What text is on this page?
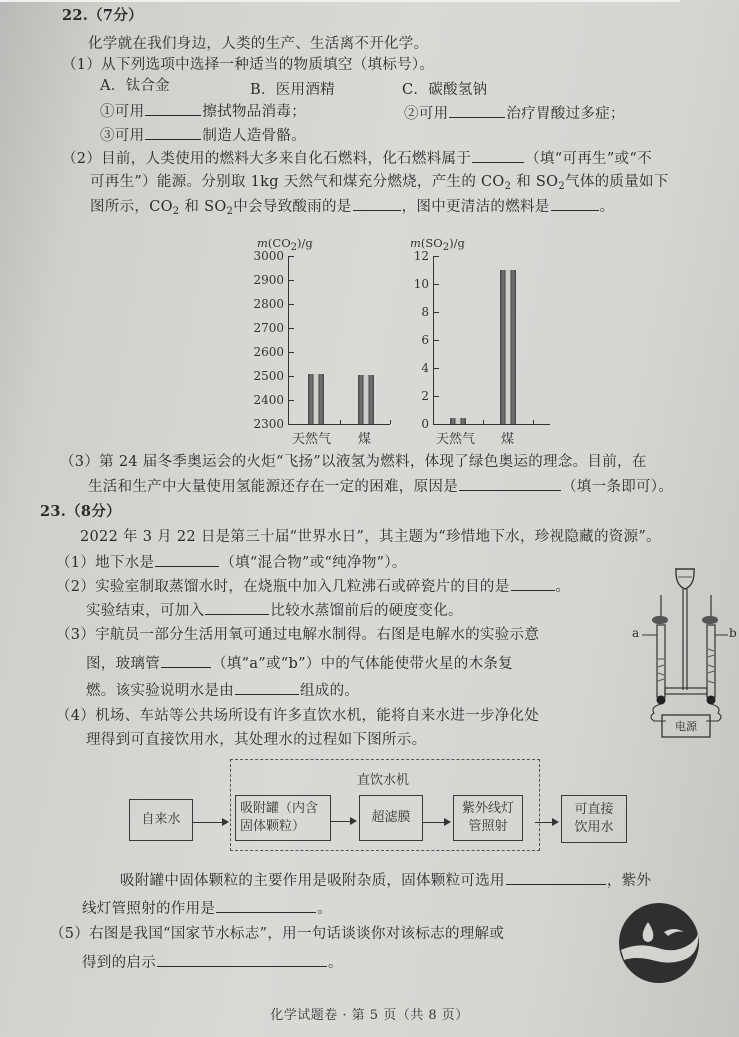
22.（7分）
化学就在我们身边，人类的生产、生活离不开化学。
（1）从下列选项中选择一种适当的物质填空（填标号）。
A．钛合金	B．医用酒精	C．碳酸氢钠
①可用	擦拭物品消毒；	②可用	治疗胃酸过多症；
③可用	制造人造骨骼。
（2）目前，人类使用的燃料大多来自化石燃料，化石燃料属于	（填“可再生”或“不
可再生”）能源。分别取 1kg 天然气和煤充分燃烧，产生的 $CO_2$ 和 $SO_2$气体的质量如下
图所示，$CO_2$ 和 $SO_2$中会导致酸雨的是	，图中更清洁的燃料是	。
$m(CO_2)/g$
3000
2900
2800
2700
2600
2500
2400
2300
天然气 煤
$m(SO_2)/g$
12
10
8
6
4
2
0
天然气 煤
（3）第 24 届冬季奥运会的火炬“飞扬”以液氢为燃料，体现了绿色奥运的理念。目前，在
生活和生产中大量使用氢能源还存在一定的困难，原因是	（填一条即可）。
23.（8分）
2022 年 3 月 22 日是第三十届“世界水日”，其主题为“珍惜地下水，珍视隐藏的资源”。
（1）地下水是	（填“混合物”或“纯净物”）。
（2）实验室制取蒸馏水时，在烧瓶中加入几粒沸石或碎瓷片的目的是	。
实验结束，可加入	比较水蒸馏前后的硬度变化。
（3）宇航员一部分生活用氧可通过电解水制得。右图是电解水的实验示意
图，玻璃管	（填“a”或“b”）中的气体能使带火星的木条复
燃。该实验说明水是由	组成的。
（4）机场、车站等公共场所设有许多直饮水机，能将自来水进一步净化处
理得到可直接饮用水，其处理水的过程如下图所示。
a	b
电源
直饮水机
自来水
吸附罐（内含固体颗粒）
超滤膜
紫外线灯管照射
可直接饮用水
吸附罐中固体颗粒的主要作用是吸附杂质，固体颗粒可选用	，紫外
线灯管照射的作用是	。
（5）右图是我国“国家节水标志”，用一句话谈谈你对该标志的理解或
得到的启示	。
化学试题卷 · 第 5 页（共 8 页）
